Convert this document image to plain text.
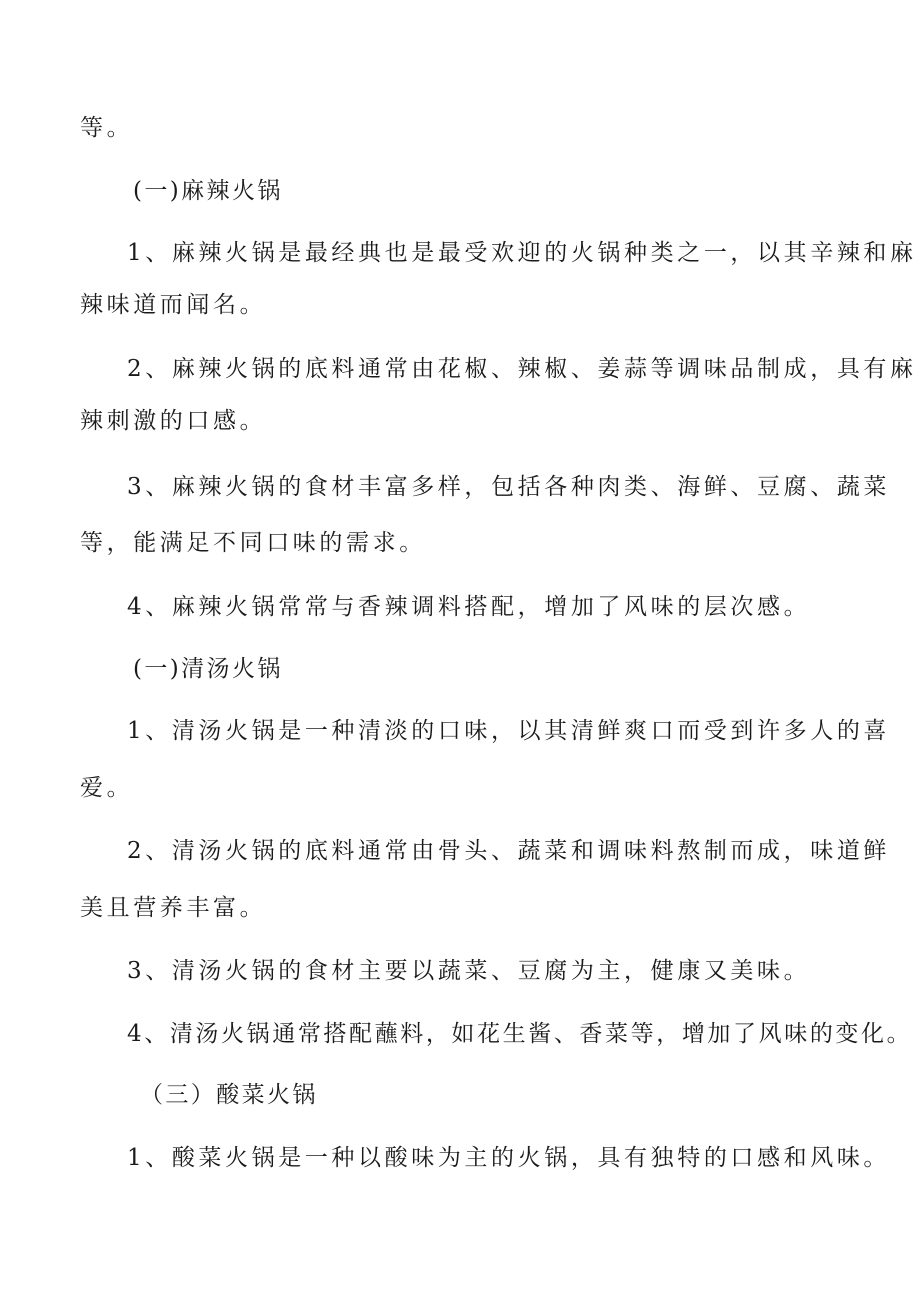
等。
(一)麻辣火锅
1、麻辣火锅是最经典也是最受欢迎的火锅种类之一，以其辛辣和麻
辣味道而闻名。
2、麻辣火锅的底料通常由花椒、辣椒、姜蒜等调味品制成，具有麻
辣刺激的口感。
3、麻辣火锅的食材丰富多样，包括各种肉类、海鲜、豆腐、蔬菜
等，能满足不同口味的需求。
4、麻辣火锅常常与香辣调料搭配，增加了风味的层次感。
(一)清汤火锅
1、清汤火锅是一种清淡的口味，以其清鲜爽口而受到许多人的喜
爱。
2、清汤火锅的底料通常由骨头、蔬菜和调味料熬制而成，味道鲜
美且营养丰富。
3、清汤火锅的食材主要以蔬菜、豆腐为主，健康又美味。
4、清汤火锅通常搭配蘸料，如花生酱、香菜等，增加了风味的变化。
（三）酸菜火锅
1、酸菜火锅是一种以酸味为主的火锅，具有独特的口感和风味。
